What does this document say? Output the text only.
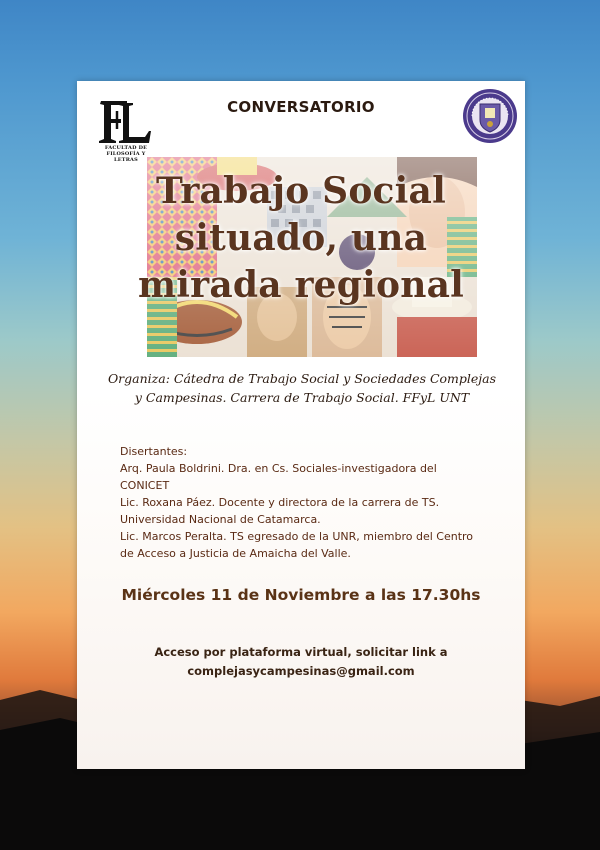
FACULTAD DE
FILOSOFÍA Y LETRAS
CONVERSATORIO
Trabajo Social
situado, una
mirada regional
Organiza: Cátedra de Trabajo Social y Sociedades Complejas
y Campesinas. Carrera de Trabajo Social. FFyL UNT
Disertantes:
Arq. Paula Boldrini. Dra. en Cs. Sociales-investigadora del
CONICET
Lic. Roxana Páez. Docente y directora de la carrera de TS.
Universidad Nacional de Catamarca.
Lic. Marcos Peralta. TS egresado de la UNR, miembro del Centro
de Acceso a Justicia de Amaicha del Valle.
Miércoles 11 de Noviembre a las 17.30hs
Acceso por plataforma virtual, solicitar link a
complejasycampesinas@gmail.com
